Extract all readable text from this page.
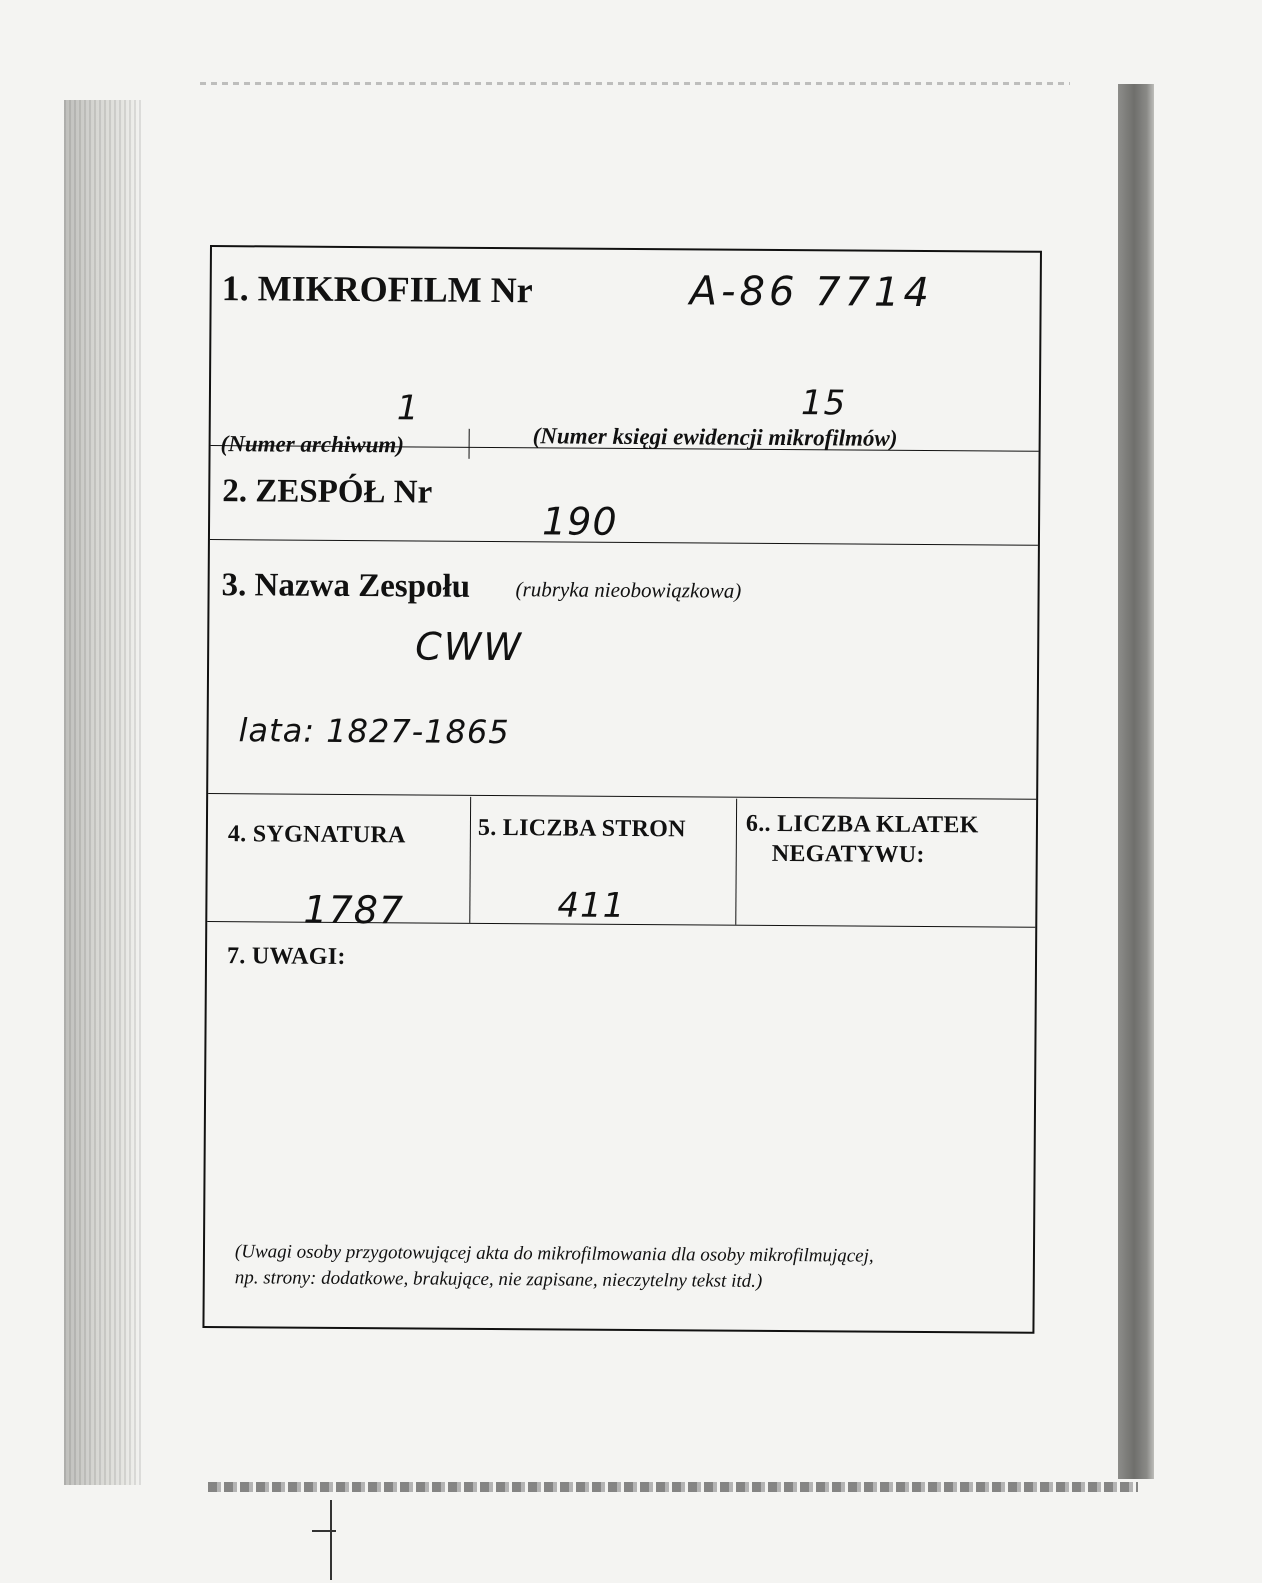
1. MIKROFILM Nr	A-86 7714
1	15
(Numer archiwum)	(Numer księgi ewidencji mikrofilmów)
2. ZESPÓŁ Nr
190
3. Nazwa Zespołu (rubryka nieobowiązkowa)
CWW
lata: 1827-1865
4. SYGNATURA
1787
5. LICZBA STRON
411
6.. LICZBA KLATEK
NEGATYWU:
7. UWAGI:
(Uwagi osoby przygotowującej akta do mikrofilmowania dla osoby mikrofilmującej,
np. strony: dodatkowe, brakujące, nie zapisane, nieczytelny tekst itd.)
